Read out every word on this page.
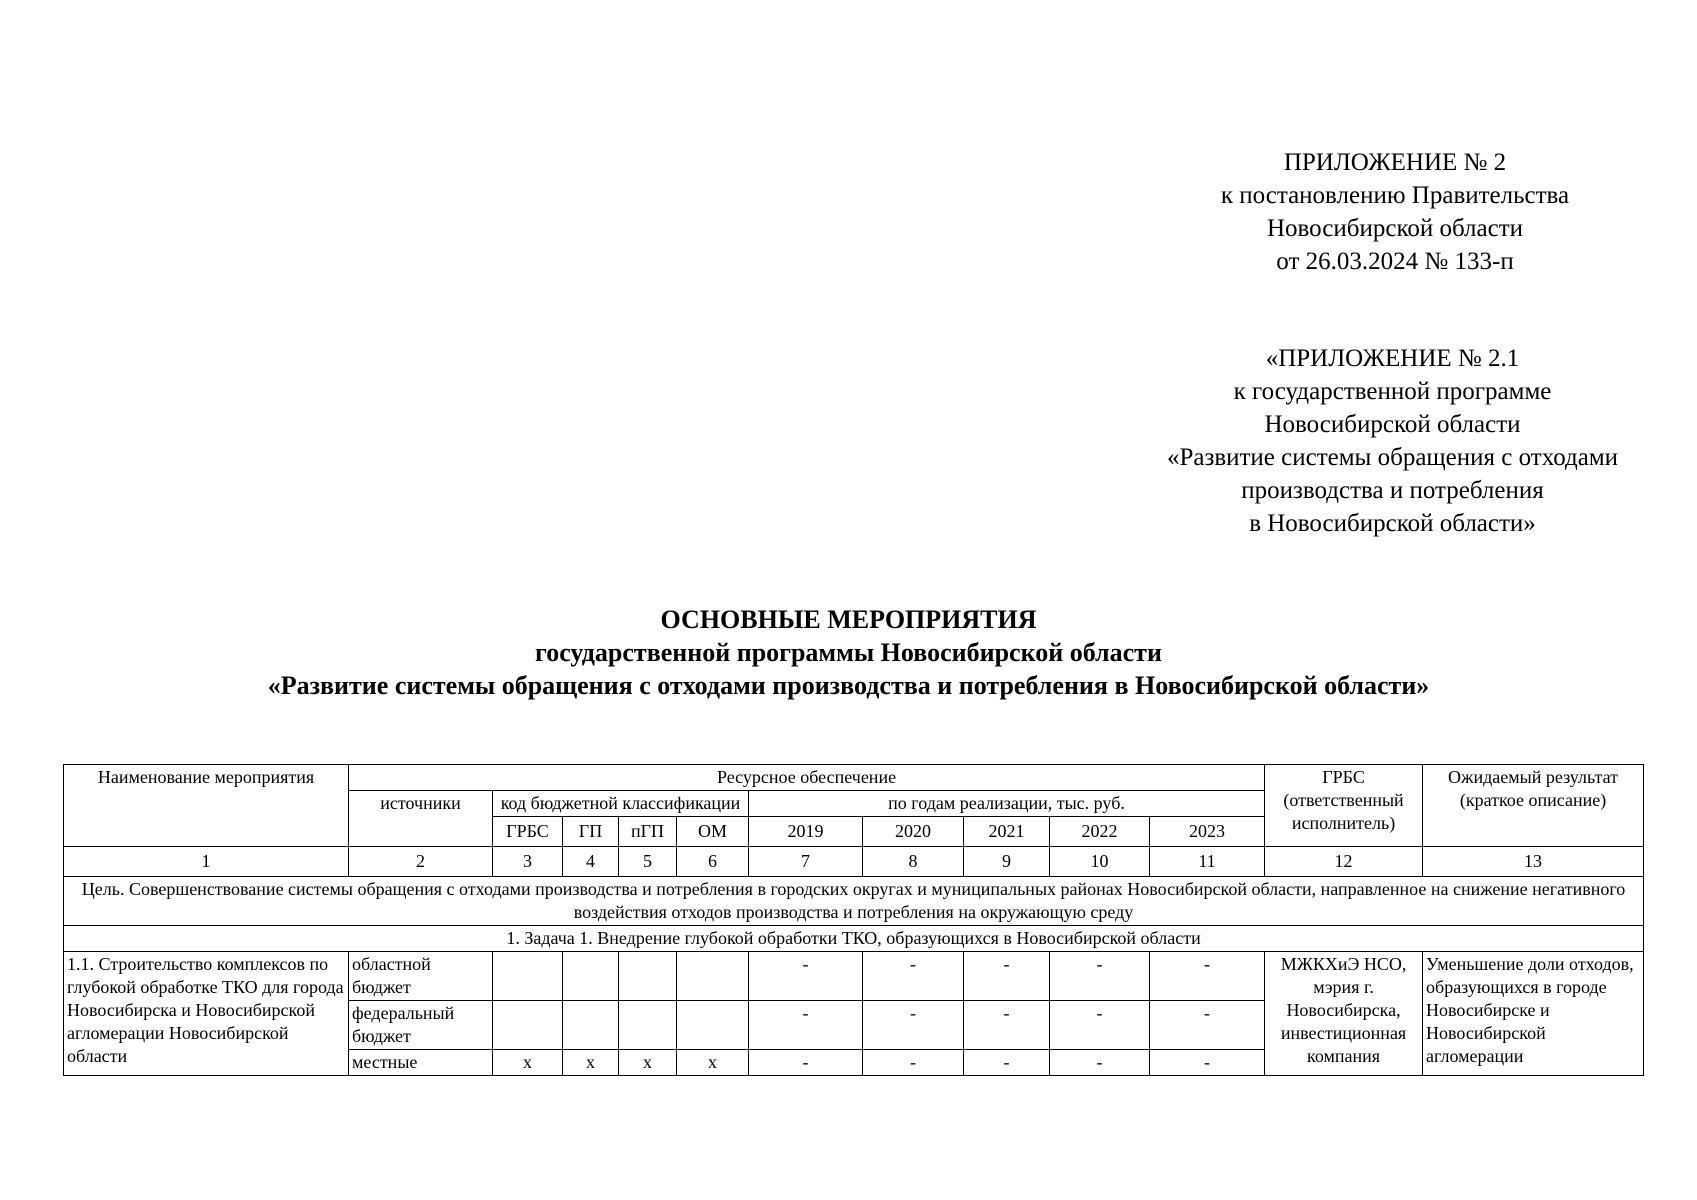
ПРИЛОЖЕНИЕ № 2
к постановлению Правительства
Новосибирской области
от 26.03.2024 № 133-п
«ПРИЛОЖЕНИЕ № 2.1
к государственной программе
Новосибирской области
«Развитие системы обращения с отходами
производства и потребления
в Новосибирской области»
ОСНОВНЫЕ МЕРОПРИЯТИЯ
государственной программы Новосибирской области
«Развитие системы обращения с отходами производства и потребления в Новосибирской области»
Наименование мероприятия	Ресурсное обеспечение										ГРБС (ответственный исполнитель)	Ожидаемый результат (краткое описание)
	источники	код бюджетной классификации				по годам реализации, тыс. руб.						
		ГРБС	ГП	пГП	ОМ	2019	2020	2021	2022	2023		
1	2	3	4	5	6	7	8	9	10	11	12	13
Цель. Совершенствование системы обращения с отходами производства и потребления в городских округах и муниципальных районах Новосибирской области, направленное на снижение негативного воздействия отходов производства и потребления на окружающую среду												
1. Задача 1. Внедрение глубокой обработки ТКО, образующихся в Новосибирской области												
1.1. Строительство комплексов по глубокой обработке ТКО для города Новосибирска и Новосибирской агломерации Новосибирской области	областной бюджет					-	-	-	-	-	МЖКХиЭ НСО, мэрия г. Новосибирска, инвестиционная компания	Уменьшение доли отходов, образующихся в городе Новосибирске и Новосибирской агломерации
	федеральный бюджет					-	-	-	-	-		
	местные	х	х	х	х	-	-	-	-	-		
